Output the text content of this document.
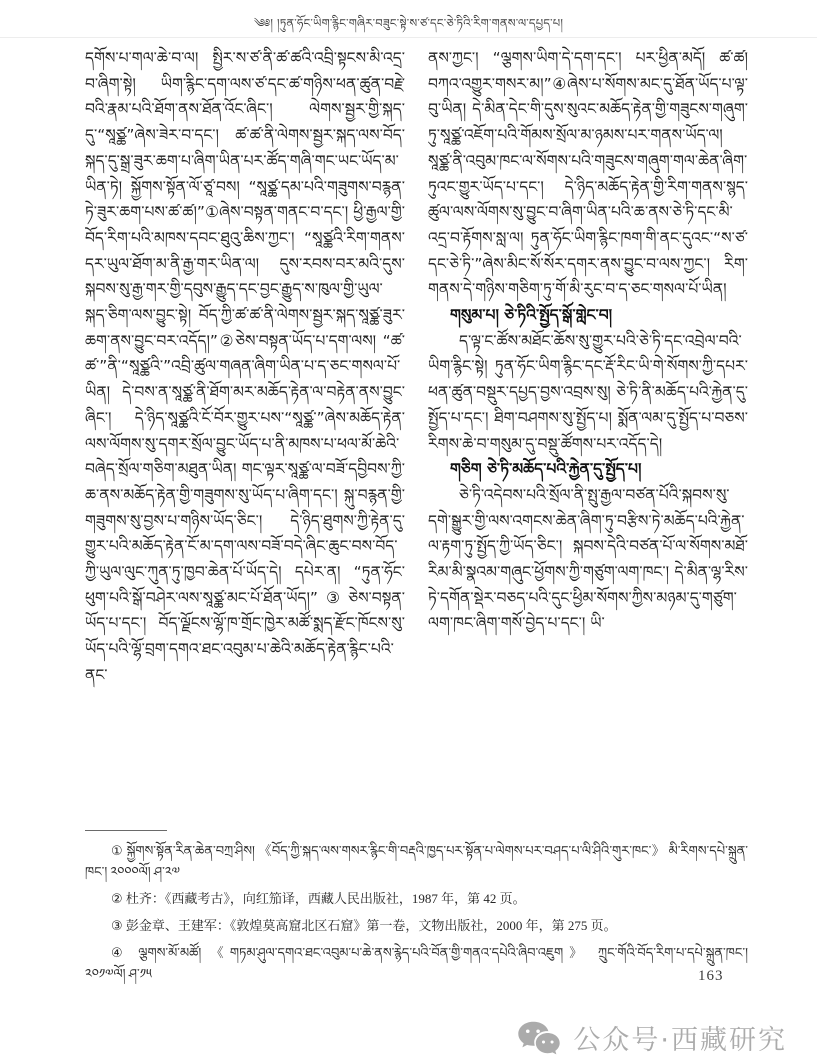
༄༅། །ཏུན་ཧོང་ཡིག་རྙིང་གཞིར་བཟུང་སྟེ་ས་ཙ་དང་ཅེ་ཏིའི་རིག་གནས་ལ་དཔྱད་པ།

དགོས་པ་གལ་ཆེ་བ་ལ། སྤྱིར་ས་ཙ་ནི་ཚ་ཚའི་འབྲི་སྟངས་མི་འདྲ་བ་ཞིག་སྟེ། ཡིག་རྙིང་དག་ལས་ཙ་དང་ཚ་གཉིས་ཕན་ཚུན་བརྗེ་བའི་རྣམ་པའི་ཐོག་ནས་ཐོན་འོང་ཞིང་། ལེགས་སྦྱར་གྱི་སྐད་དུ་“སཱཙྪ”ཞེས་ཟེར་བ་དང་། ཚ་ཚ་ནི་ལེགས་སྦྱར་སྐད་ལས་བོད་སྐད་དུ་སྒྲ་ཟུར་ཆག་པ་ཞིག་ཡིན་པར་ཚོད་གཞི་གང་ཡང་ཡོད་མ་ཡིན་ཏེ། སྐྱོགས་སྟོན་ལོ་ཙཱ་བས། “སཱཙྪ་དམ་པའི་གཟུགས་བརྙན་ཏེ་ཟུར་ཆག་པས་ཚ་ཚ།”①ཞེས་བསྟན་གནང་བ་དང་། ཕྱི་རྒྱལ་གྱི་བོད་རིག་པའི་མཁས་དབང་ཐུའུ་ཆིས་ཀྱང་། “སཱཙྪའི་རིག་གནས་དར་ཡུལ་ཐོག་མ་ནི་རྒྱ་གར་ཡིན་ལ། དུས་རབས་བར་མའི་དུས་སྐབས་སུ་རྒྱ་གར་གྱི་དབུས་རྒྱུད་དང་བྱང་རྒྱུད་ས་ཁུལ་གྱི་ཡུལ་སྐད་ཅིག་ལས་བྱུང་སྟེ། བོད་ཀྱི་ཚ་ཚ་ནི་ལེགས་སྦྱར་སྐད་སཱཙྪ་ཟུར་ཆག་ནས་བྱུང་བར་འདོད།”②ཅེས་བསྟན་ཡོད་པ་དག་ལས། “ཚ་ཚ་”ནི་“སཱཙྪའི་”འབྲི་ཚུལ་གཞན་ཞིག་ཡིན་པ་ད་ཅང་གསལ་པོ་ཡིན། དེ་བས་ན་སཱཙྪ་ནི་ཐོག་མར་མཆོད་རྟེན་ལ་བརྟེན་ནས་བྱུང་ཞིང་། དེ་ཉིད་སཱཙྪའི་ངོ་བོར་གྱུར་པས་“སཱཙྪ་”ཞེས་མཆོད་རྟེན་ལས་ལོགས་སུ་དགར་སྲོལ་བྱུང་ཡོད་པ་ནི་མཁས་པ་ཕལ་མོ་ཆེའི་བཞེད་སྲོལ་གཅིག་མཐུན་ཡིན། གང་ལྟར་སཱཙྪ་ལ་བཟོ་དབྱིབས་ཀྱི་ཆ་ནས་མཆོད་རྟེན་གྱི་གཟུགས་སུ་ཡོད་པ་ཞིག་དང་། སྐུ་བརྙན་གྱི་གཟུགས་སུ་བྱས་པ་གཉིས་ཡོད་ཅིང་། དེ་ཉིད་ཐུགས་ཀྱི་རྟེན་དུ་གྱུར་པའི་མཆོད་རྟེན་ངོ་མ་དག་ལས་བཟོ་བདེ་ཞིང་ཆུང་བས་བོད་ཀྱི་ཡུལ་ལུང་ཀུན་ཏུ་ཁྱབ་ཆེན་པོ་ཡོད་དེ། དཔེར་ན། “ཏུན་ཧོང་ཕུག་པའི་སྒོ་བཤེར་ལས་སཱཙྪ་མང་པོ་ཐོན་ཡོད།”③ཅེས་བསྟན་ཡོད་པ་དང་། བོད་ལྗོངས་ལྷོ་ཁ་གྲོང་ཁྱེར་མཚོ་སྨད་རྫོང་ཁོངས་སུ་ཡོད་པའི་ལྷོ་བྲག་དགའ་ཐང་འབུམ་པ་ཆེའི་མཆོད་རྟེན་རྙིང་པའི་ནང་

ནས་ཀྱང་། “ལྕགས་ཡིག་དེ་དག་དང་། པར་ཕྱིན་མདོ། ཚ་ཚ། བཀའ་འགྱུར་གསར་མ།”④ཞེས་པ་སོགས་མང་དུ་ཐོན་ཡོད་པ་ལྟ་བུ་ཡིན། དེ་མིན་དེང་གི་དུས་སུའང་མཆོད་རྟེན་གྱི་གཟུངས་གཞུག་ཏུ་སཱཙྪ་འཇོག་པའི་གོམས་སྲོལ་མ་ཉམས་པར་གནས་ཡོད་ལ། སཱཙྪ་ནི་འབུམ་ཁང་ལ་སོགས་པའི་གཟུངས་གཞུག་གལ་ཆེན་ཞིག་ཏུའང་གྱུར་ཡོད་པ་དང་། དེ་ཉིད་མཆོད་རྟེན་གྱི་རིག་གནས་སྙད་ཚུལ་ལས་ལོགས་སུ་བྱུང་བ་ཞིག་ཡིན་པའི་ཆ་ནས་ཅེ་ཏི་དང་མི་འདྲ་བ་རྟོགས་སླ་ལ། ཏུན་ཧོང་ཡིག་རྙིང་ཁག་གི་ནང་དུའང་“ས་ཙ་དང་ཅེ་ཏི་”ཞེས་མིང་སོ་སོར་དགར་ནས་བྱུང་བ་ལས་ཀྱང་། རིག་གནས་དེ་གཉིས་གཅིག་ཏུ་གོ་མི་རུང་བ་ད་ཅང་གསལ་པོ་ཡིན།

གསུམ་པ། ཅེ་ཏིའི་སྤྱོད་སྒོ་གླེང་བ།

ད་ལྟ་ང་ཚོས་མཐོང་ཆོས་སུ་གྱུར་པའི་ཅེ་ཏི་དང་འབྲེལ་བའི་ཡིག་རྙིང་སྟེ། ཏུན་ཧོང་ཡིག་རྙིང་དང་རྡོ་རིང་ཡི་གེ་སོགས་ཀྱི་དཔར་ཕན་ཚུན་བསྡུར་དཔྱད་བྱས་འབྲས་སུ། ཅེ་ཏི་ནི་མཆོད་པའི་རྐྱེན་དུ་སྤྱོད་པ་དང་། ཐིག་བཤགས་སུ་སྤྱོད་པ། སྨོན་ལམ་དུ་སྤྱོད་པ་བཅས་རིགས་ཆེ་བ་གསུམ་དུ་བསྡུ་ཚོགས་པར་འདོད་དེ།

གཅིག ཅེ་ཏི་མཆོད་པའི་རྐྱེན་དུ་སྤྱོད་པ།

ཅེ་ཏི་འདེབས་པའི་སྲོལ་ནི་སྤུ་རྒྱལ་བཙན་པོའི་སྐབས་སུ་དགེ་སྒྱུར་གྱི་ལས་འགངས་ཆེན་ཞིག་ཏུ་བརྩིས་ཏེ་མཆོད་པའི་རྐྱེན་ལ་རྟག་ཏུ་སྤྱོད་ཀྱི་ཡོད་ཅིང་། སྐབས་དེའི་བཙན་པོ་ལ་སོགས་མཐོ་རིམ་མི་སྣའམ་གཞུང་ཕྱོགས་ཀྱི་གཙུག་ལག་ཁང་། དེ་མིན་ལྷ་རིས་ཏེ་དགོན་སྡེར་བཅད་པའི་དུང་ཕྱིམ་སོགས་ཀྱིས་མཉམ་དུ་གཙུག་ལག་ཁང་ཞིག་གསོ་བྱེད་པ་དང་། ཡི་

① སྐྱོགས་སྟོན་རིན་ཆེན་བཀྲ་ཤིས། 《བོད་ཀྱི་སྐད་ལས་གསར་རྙིང་གི་བརྡའི་ཁྱད་པར་སྟོན་པ་ལེགས་པར་བཤད་པ་ལི་ཤིའི་གུར་ཁང་》 མི་རིགས་དཔེ་སྐྲུན་ཁང་། ༢༠༠༠ལོ། ཤ་༢༧

② 杜齐：《西藏考古》，向红笳译，西藏人民出版社，1987 年，第 42 页。

③ 彭金章、王建军：《敦煌莫高窟北区石窟》第一卷，文物出版社，2000 年，第 275 页。

④ ལྕགས་མོ་མཚོ། 《གཏམ་ཤུལ་དགའ་ཐང་འབུམ་པ་ཆེ་ནས་རྙེད་པའི་བོན་གྱི་གནའ་དཔེའི་ཞིབ་འཇུག》 ཀྲུང་གོའི་བོད་རིག་པ་དཔེ་སྐྲུན་ཁང་། ༢༠༡༧ལོ། ཤ་༡༥	163
公众号·西藏研究
